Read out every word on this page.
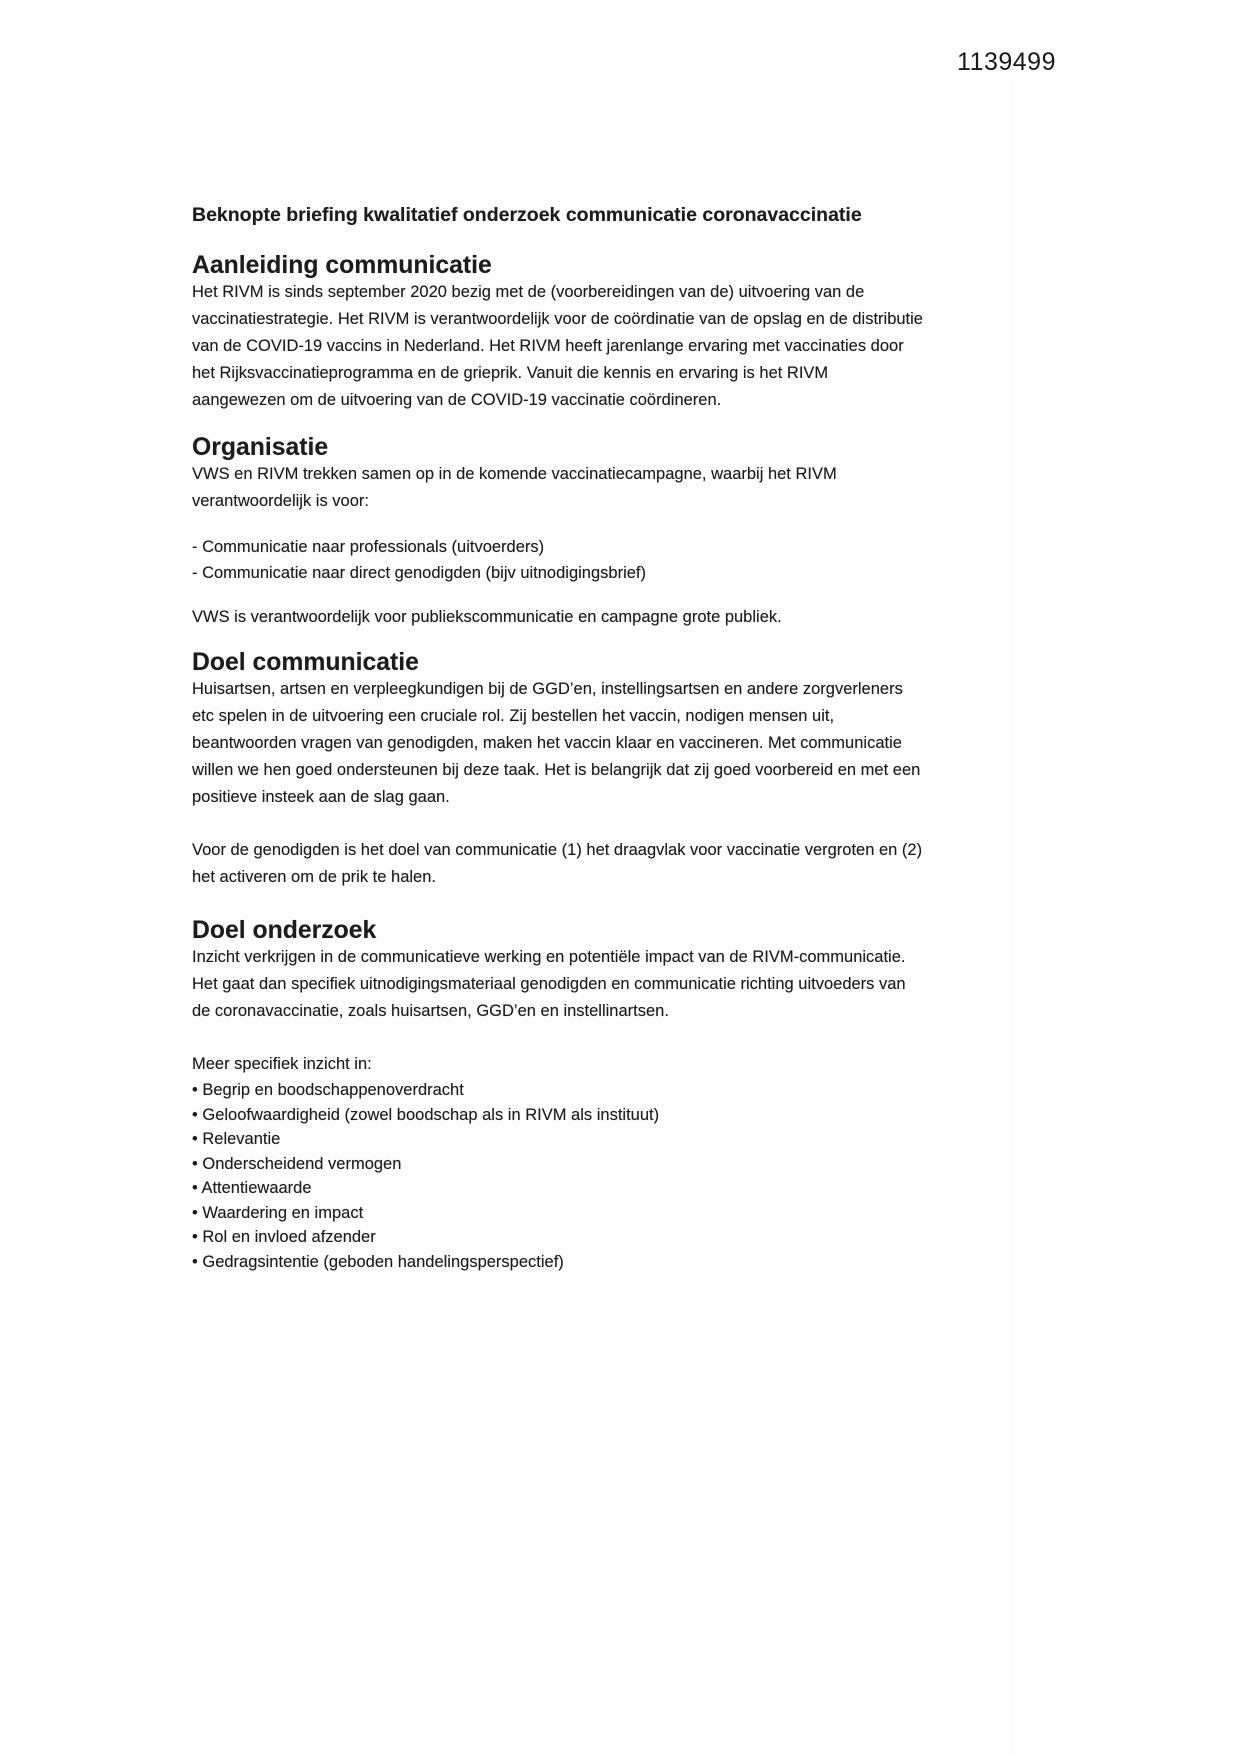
1139499
Beknopte briefing kwalitatief onderzoek communicatie coronavaccinatie
Aanleiding communicatie

Het RIVM is sinds september 2020 bezig met de (voorbereidingen van de) uitvoering van de vaccinatiestrategie. Het RIVM is verantwoordelijk voor de coördinatie van de opslag en de distributie van de COVID-19 vaccins in Nederland. Het RIVM heeft jarenlange ervaring met vaccinaties door het Rijksvaccinatieprogramma en de grieprik. Vanuit die kennis en ervaring is het RIVM aangewezen om de uitvoering van de COVID-19 vaccinatie coördineren.

Organisatie

VWS en RIVM trekken samen op in de komende vaccinatiecampagne, waarbij het RIVM verantwoordelijk is voor:

- Communicatie naar professionals (uitvoerders)
- Communicatie naar direct genodigden (bijv uitnodigingsbrief)

VWS is verantwoordelijk voor publiekscommunicatie en campagne grote publiek.

Doel communicatie

Huisartsen, artsen en verpleegkundigen bij de GGD’en, instellingsartsen en andere zorgverleners etc spelen in de uitvoering een cruciale rol. Zij bestellen het vaccin, nodigen mensen uit, beantwoorden vragen van genodigden, maken het vaccin klaar en vaccineren. Met communicatie willen we hen goed ondersteunen bij deze taak. Het is belangrijk dat zij goed voorbereid en met een positieve insteek aan de slag gaan.

Voor de genodigden is het doel van communicatie (1) het draagvlak voor vaccinatie vergroten en (2) het activeren om de prik te halen.

Doel onderzoek

Inzicht verkrijgen in de communicatieve werking en potentiële impact van de RIVM-communicatie. Het gaat dan specifiek uitnodigingsmateriaal genodigden en communicatie richting uitvoeders van de coronavaccinatie, zoals huisartsen, GGD’en en instellinartsen.

Meer specifiek inzicht in:

• Begrip en boodschappenoverdracht
• Geloofwaardigheid (zowel boodschap als in RIVM als instituut)
• Relevantie
• Onderscheidend vermogen
• Attentiewaarde
• Waardering en impact
• Rol en invloed afzender
• Gedragsintentie (geboden handelingsperspectief)
